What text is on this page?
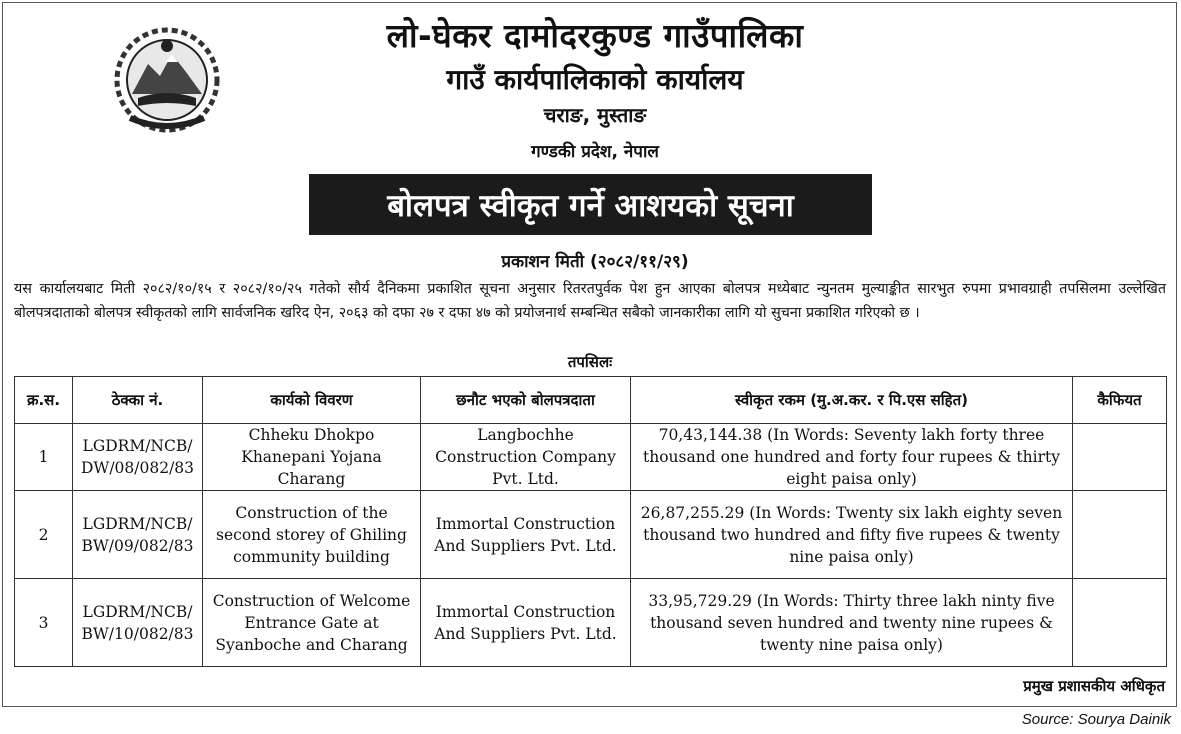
लो-घेकर दामोदरकुण्ड गाउँपालिका
गाउँ कार्यपालिकाको कार्यालय
चराङ, मुस्ताङ
गण्डकी प्रदेश, नेपाल
बोलपत्र स्वीकृत गर्ने आशयको सूचना
प्रकाशन मिती (२०८२/११/२९)
यस कार्यालयबाट मिती २०८२/१०/१५ र २०८२/१०/२५ गतेको सौर्य दैनिकमा प्रकाशित सूचना अनुसार रितरतपुर्वक पेश हुन आएका बोलपत्र मध्येबाट न्युनतम मुल्याङ्कीत सारभुत रुपमा प्रभावग्राही तपसिलमा उल्लेखित बोलपत्रदाताको बोलपत्र स्वीकृतको लागि सार्वजनिक खरिद ऐन, २०६३ को दफा २७ र दफा ४७ को प्रयोजनार्थ सम्बन्धित सबैको जानकारीका लागि यो सुचना प्रकाशित गरिएको छ ।
तपसिलः
क्र.स.	ठेक्का नं.	कार्यको विवरण	छनौट भएको बोलपत्रदाता	स्वीकृत रकम (मु.अ.कर. र पि.एस सहित)	कैफियत
1	LGDRM/NCB/ DW/08/082/83	Chheku Dhokpo Khanepani Yojana Charang	Langbochhe Construction Company Pvt. Ltd.	70,43,144.38 (In Words: Seventy lakh forty three thousand one hundred and forty four rupees & thirty eight paisa only)	
2	LGDRM/NCB/ BW/09/082/83	Construction of the second storey of Ghiling community building	Immortal Construction And Suppliers Pvt. Ltd.	26,87,255.29 (In Words: Twenty six lakh eighty seven thousand two hundred and fifty five rupees & twenty nine paisa only)	
3	LGDRM/NCB/ BW/10/082/83	Construction of Welcome Entrance Gate at Syanboche and Charang	Immortal Construction And Suppliers Pvt. Ltd.	33,95,729.29 (In Words: Thirty three lakh ninty five thousand seven hundred and twenty nine rupees & twenty nine paisa only)	
प्रमुख प्रशासकीय अधिकृत
Source: Sourya Dainik
